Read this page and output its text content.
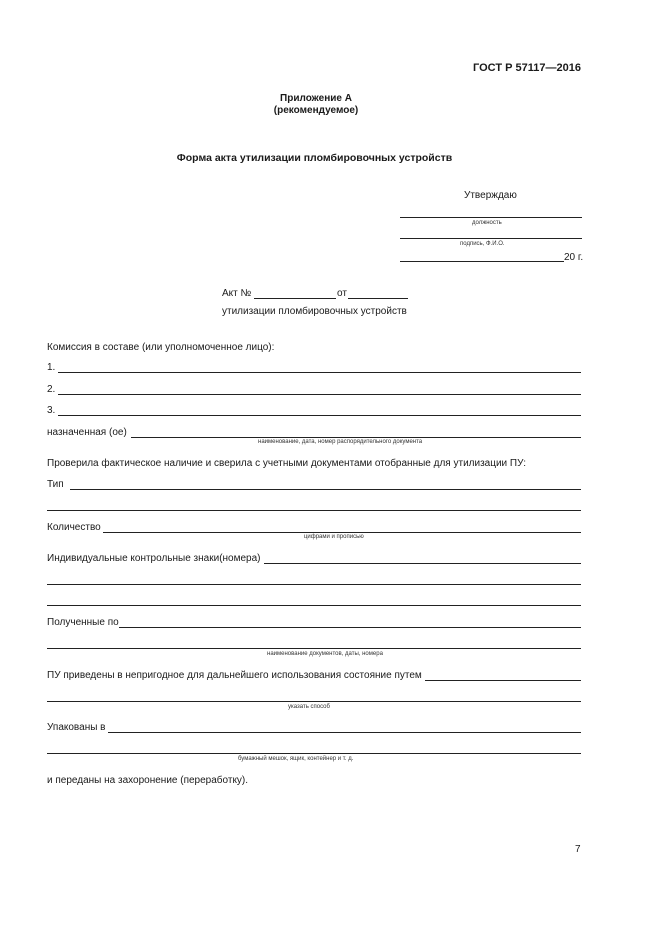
ГОСТ Р 57117—2016
Приложение А
(рекомендуемое)
Форма акта утилизации пломбировочных устройств
Утверждаю
должность
подпись, Ф.И.О.
20 г.
Акт №	от
утилизации пломбировочных устройств
Комиссия в составе (или уполномоченное лицо):
1.
2.
3.
назначенная (ое)
наименование, дата, номер распорядительного документа
Проверила фактическое наличие и сверила с учетными документами отобранные для утилизации ПУ:
Тип
Количество
цифрами и прописью
Индивидуальные контрольные знаки(номера)
Полученные по
наименование документов, даты, номера
ПУ приведены в непригодное для дальнейшего использования состояние путем
указать способ
Упакованы в
бумажный мешок, ящик, контейнер и т. д.
и переданы на захоронение (переработку).
7
